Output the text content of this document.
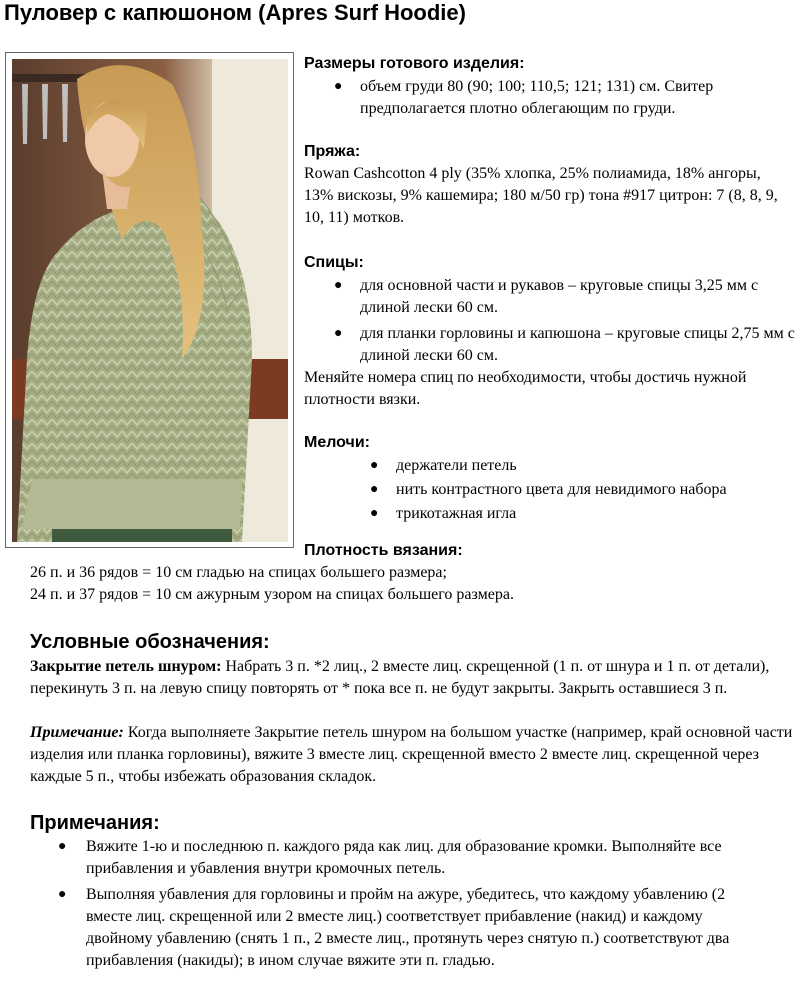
Пуловер с капюшоном (Apres Surf Hoodie)
Размеры готового изделия:
● объем груди 80 (90; 100; 110,5; 121; 131) см. Свитер предполагается плотно облегающим по груди.
Пряжа:
Rowan Cashcotton 4 ply (35% хлопка, 25% полиамида, 18% ангоры, 13% вискозы, 9% кашемира; 180 м/50 гр) тона #917 цитрон: 7 (8, 8, 9, 10, 11) мотков.
Спицы:
● для основной части и рукавов – круговые спицы 3,25 мм с длиной лески 60 см.
● для планки горловины и капюшона – круговые спицы 2,75 мм с длиной лески 60 см.
Меняйте номера спиц по необходимости, чтобы достичь нужной плотности вязки.
Мелочи:
● держатели петель
● нить контрастного цвета для невидимого набора
● трикотажная игла
Плотность вязания:
26 п. и 36 рядов = 10 см гладью на спицах большего размера;
24 п. и 37 рядов = 10 см ажурным узором на спицах большего размера.
Условные обозначения:
Закрытие петель шнуром: Набрать 3 п. *2 лиц., 2 вместе лиц. скрещенной (1 п. от шнура и 1 п. от детали), перекинуть 3 п. на левую спицу повторять от * пока все п. не будут закрыты. Закрыть оставшиеся 3 п.
Примечание: Когда выполняете Закрытие петель шнуром на большом участке (например, край основной части изделия или планка горловины), вяжите 3 вместе лиц. скрещенной вместо 2 вместе лиц. скрещенной через каждые 5 п., чтобы избежать образования складок.
Примечания:
● Вяжите 1-ю и последнюю п. каждого ряда как лиц. для образование кромки. Выполняйте все прибавления и убавления внутри кромочных петель.
● Выполняя убавления для горловины и пройм на ажуре, убедитесь, что каждому убавлению (2 вместе лиц. скрещенной или 2 вместе лиц.) соответствует прибавление (накид) и каждому двойному убавлению (снять 1 п., 2 вместе лиц., протянуть через снятую п.) соответствуют два прибавления (накиды); в ином случае вяжите эти п. гладью.
